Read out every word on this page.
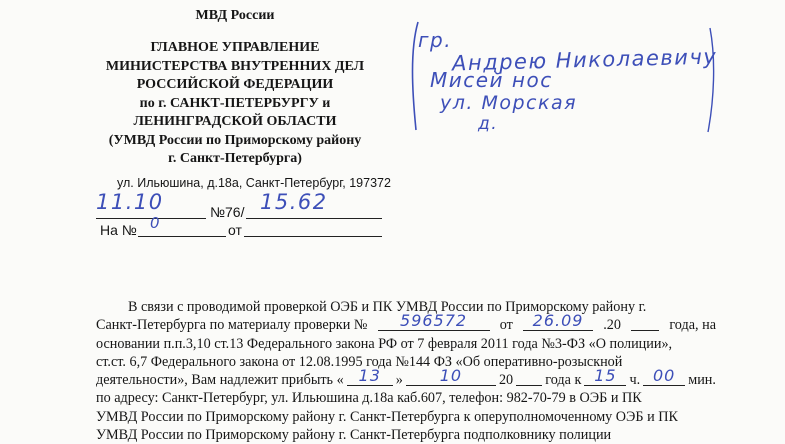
МВД России
ГЛАВНОЕ УПРАВЛЕНИЕ
МИНИСТЕРСТВА ВНУТРЕННИХ ДЕЛ
РОССИЙСКОЙ ФЕДЕРАЦИИ
по г. САНКТ-ПЕТЕРБУРГУ и
ЛЕНИНГРАДСКОЙ ОБЛАСТИ
(УМВД России по Приморскому району
г. Санкт-Петербурга)
ул. Ильюшина, д.18а, Санкт-Петербург, 197372
11.10	№76/ 15.62
На № 0	от
гр.
Андрею Николаевичу
Мисей нос
ул. Морская
д.
В связи с проводимой проверкой ОЭБ и ПК УМВД России по Приморскому району г.
Санкт-Петербурга по материалу проверки №	596572	от	26.09	.20	года, на
основании п.п.3,10 ст.13 Федерального закона РФ от 7 февраля 2011 года №3-ФЗ «О полиции»,
ст.ст. 6,7 Федерального закона от 12.08.1995 года №144 ФЗ «Об оперативно-розыскной
деятельности», Вам надлежит прибыть « 13	»	10	20 года к 15 ч. 00 мин.
по адресу: Санкт-Петербург, ул. Ильюшина д.18а каб.607, телефон: 982-70-79 в ОЭБ и ПК
УМВД России по Приморскому району г. Санкт-Петербурга к оперуполномоченному ОЭБ и ПК
УМВД России по Приморскому району г. Санкт-Петербурга подполковнику полиции
